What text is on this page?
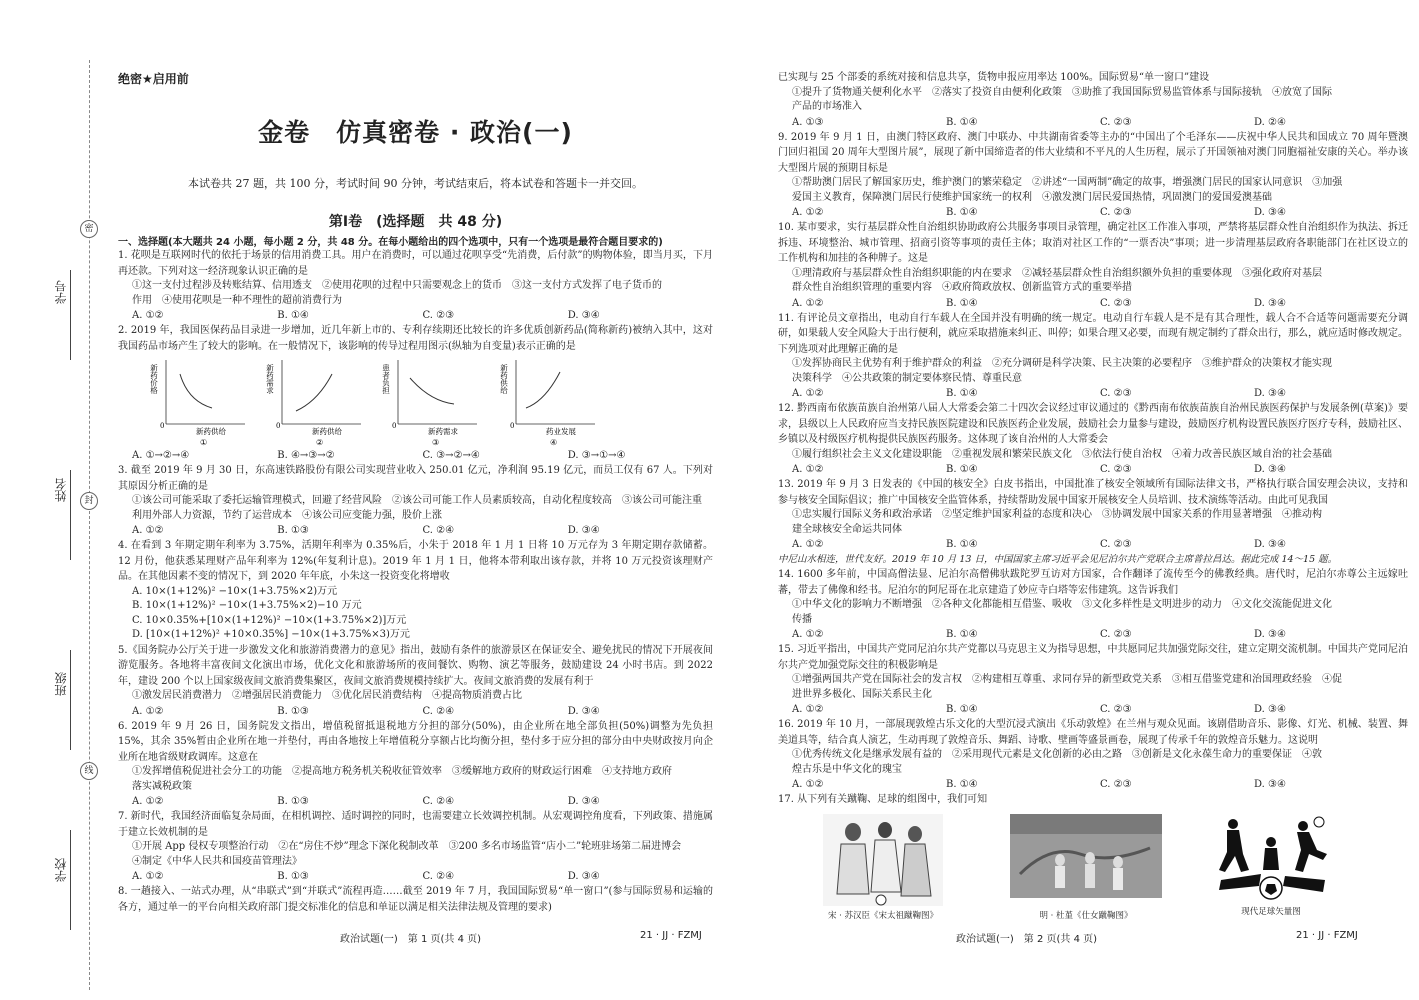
密
封
线
学号
姓名
班级
学校
绝密★启用前
金卷　仿真密卷 · 政治(一)
本试卷共 27 题，共 100 分，考试时间 90 分钟，考试结束后，将本试卷和答题卡一并交回。
第Ⅰ卷　(选择题　共 48 分)
一、选择题(本大题共 24 小题，每小题 2 分，共 48 分。在每小题给出的四个选项中，只有一个选项是最符合题目要求的)
1. 花呗是互联网时代的依托于场景的信用消费工具。用户在消费时，可以通过花呗享受“先消费，后付款”的购物体验，即当月买，下月再还款。下列对这一经济现象认识正确的是
①这一支付过程涉及转账结算、信用透支　②使用花呗的过程中只需要观念上的货币　③这一支付方式发挥了电子货币的
作用　④使用花呗是一种不理性的超前消费行为
A. ①②	B. ①④	C. ②③	D. ③④
2. 2019 年，我国医保药品目录进一步增加，近几年新上市的、专利存续期还比较长的许多优质创新药品(简称新药)被纳入其中，这对我国药品市场产生了较大的影响。在一般情况下，该影响的传导过程用图示(纵轴为自变量)表示正确的是
新药价格
0
新药供给
①
新药需求
0
新药供给
②
患者负担
0
新药需求
③
新药供给
0
药业发展
④
A. ①→②→④	B. ④→③→②	C. ③→②→④	D. ③→①→④
3. 截至 2019 年 9 月 30 日，东高速铁路股份有限公司实现营业收入 250.01 亿元，净利润 95.19 亿元，而员工仅有 67 人。下列对其原因分析正确的是
①该公司可能采取了委托运输管理模式，回避了经营风险　②该公司可能工作人员素质较高，自动化程度较高　③该公司可能注重
利用外部人力资源，节约了运营成本　④该公司应变能力强，股价上涨
A. ①②	B. ①③	C. ②④	D. ③④
4. 在看到 3 年期定期年利率为 3.75%，活期年利率为 0.35%后，小朱于 2018 年 1 月 1 日将 10 万元存为 3 年期定期存款储蓄。12 月份，他获悉某理财产品年利率为 12%(年复利计息)。2019 年 1 月 1 日，他将本带利取出该存款，并将 10 万元投资该理财产品。在其他因素不变的情况下，到 2020 年年底，小朱这一投资变化将增收
A. 10×(1+12%)² −10×(1+3.75%×2)万元
B. 10×(1+12%)² −10×(1+3.75%×2)−10 万元
C. 10×0.35%+[10×(1+12%)² −10×(1+3.75%×2)]万元
D. [10×(1+12%)² +10×0.35%] −10×(1+3.75%×3)万元
5.《国务院办公厅关于进一步激发文化和旅游消费潜力的意见》指出，鼓励有条件的旅游景区在保证安全、避免扰民的情况下开展夜间游览服务。各地将丰富夜间文化演出市场，优化文化和旅游场所的夜间餐饮、购物、演艺等服务，鼓励建设 24 小时书店。到 2022 年，建设 200 个以上国家级夜间文旅消费集聚区，夜间文旅消费规模持续扩大。夜间文旅消费的发展有利于
①激发居民消费潜力　②增强居民消费能力　③优化居民消费结构　④提高物质消费占比
A. ①②	B. ①③	C. ②④	D. ③④
6. 2019 年 9 月 26 日，国务院发文指出，增值税留抵退税地方分担的部分(50%)，由企业所在地全部负担(50%)调整为先负担 15%，其余 35%暂由企业所在地一并垫付，再由各地按上年增值税分享额占比均衡分担，垫付多于应分担的部分由中央财政按月向企业所在地省级财政调库。这意在
①发挥增值税促进社会分工的功能　②提高地方税务机关税收征管效率　③缓解地方政府的财政运行困难　④支持地方政府
落实减税政策
A. ①②	B. ①③	C. ②④	D. ③④
7. 新时代，我国经济面临复杂局面，在相机调控、适时调控的同时，也需要建立长效调控机制。从宏观调控角度看，下列政策、措施属于建立长效机制的是
①开展 App 侵权专项整治行动　②在“房住不炒”理念下深化税制改革　③200 多名市场监管“店小二”轮班驻场第二届进博会
④制定《中华人民共和国疫苗管理法》
A. ①②	B. ①③	C. ②④	D. ③④
8. 一趟接入、一站式办理，从“串联式”到“并联式”流程再造……截至 2019 年 7 月，我国国际贸易“单一窗口”(参与国际贸易和运输的各方，通过单一的平台向相关政府部门提交标准化的信息和单证以满足相关法律法规及管理的要求)
政治试题(一)　第 1 页(共 4 页)	21 · JJ · FZMJ
已实现与 25 个部委的系统对接和信息共享，货物申报应用率达 100%。国际贸易“单一窗口”建设
①提升了货物通关便利化水平　②落实了投资自由便利化政策　③助推了我国国际贸易监管体系与国际接轨　④放宽了国际
产品的市场准入
A. ①③	B. ①④	C. ②③	D. ②④
9. 2019 年 9 月 1 日，由澳门特区政府、澳门中联办、中共湖南省委等主办的“中国出了个毛泽东——庆祝中华人民共和国成立 70 周年暨澳门回归祖国 20 周年大型图片展”，展现了新中国缔造者的伟大业绩和不平凡的人生历程，展示了开国领袖对澳门同胞福祉安康的关心。举办该大型图片展的预期目标是
①帮助澳门居民了解国家历史，维护澳门的繁荣稳定　②讲述“一国两制”确定的故事，增强澳门居民的国家认同意识　③加强
爱国主义教育，保障澳门居民行使维护国家统一的权利　④激发澳门居民爱国热情，巩固澳门的爱国爱澳基础
A. ①②	B. ①④	C. ②③	D. ③④
10. 某市要求，实行基层群众性自治组织协助政府公共服务事项目录管理，确定社区工作准入事项，严禁将基层群众性自治组织作为执法、拆迁拆违、环境整治、城市管理、招商引资等事项的责任主体；取消对社区工作的“一票否决”事项；进一步清理基层政府各职能部门在社区设立的工作机构和加挂的各种牌子。这是
①理清政府与基层群众性自治组织职能的内在要求　②减轻基层群众性自治组织额外负担的重要体现　③强化政府对基层
群众性自治组织管理的重要内容　④政府简政放权、创新监管方式的重要举措
A. ①②	B. ①④	C. ②③	D. ③④
11. 有评论员文章指出，电动自行车载人在全国并没有明确的统一规定。电动自行车载人是不是有其合理性，载人合不合适等问题需要充分调研，如果载人安全风险大于出行便利，就应采取措施来纠正、叫停；如果合理又必要，而现有规定制约了群众出行，那么，就应适时修改规定。下列选项对此理解正确的是
①发挥协商民主优势有利于维护群众的利益　②充分调研是科学决策、民主决策的必要程序　③维护群众的决策权才能实现
决策科学　④公共政策的制定要体察民情、尊重民意
A. ①②	B. ①④	C. ②③	D. ③④
12. 黔西南布依族苗族自治州第八届人大常委会第二十四次会议经过审议通过的《黔西南布依族苗族自治州民族医药保护与发展条例(草案)》要求，县级以上人民政府应当支持民族医院建设和民族医药企业发展，鼓励社会力量参与建设，鼓励医疗机构设置民族医疗医疗专科，鼓励社区、乡镇以及村级医疗机构提供民族医药服务。这体现了该自治州的人大常委会
①履行组织社会主义文化建设职能　②重视发展和繁荣民族文化　③依法行使自治权　④着力改善民族区域自治的社会基础
A. ①②	B. ①④	C. ②③	D. ③④
13. 2019 年 9 月 3 日发表的《中国的核安全》白皮书指出，中国批准了核安全领域所有国际法律文书，严格执行联合国安理会决议，支持和参与核安全国际倡议；推广中国核安全监管体系，持续帮助发展中国家开展核安全人员培训、技术演练等活动。由此可见我国
①忠实履行国际义务和政治承诺　②坚定维护国家利益的态度和决心　③协调发展中国家关系的作用显著增强　④推动构
建全球核安全命运共同体
A. ①②	B. ①④	C. ②③	D. ③④
中尼山水相连，世代友好。2019 年 10 月 13 日，中国国家主席习近平会见尼泊尔共产党联合主席普拉昌达。据此完成 14～15 题。
14. 1600 多年前，中国高僧法显、尼泊尔高僧佛驮跋陀罗互访对方国家，合作翻译了流传至今的佛教经典。唐代时，尼泊尔赤尊公主远嫁吐蕃，带去了佛像和经书。尼泊尔的阿尼哥在北京建造了妙应寺白塔等宏伟建筑。这告诉我们
①中华文化的影响力不断增强　②各种文化都能相互借鉴、吸收　③文化多样性是文明进步的动力　④文化交流能促进文化
传播
A. ①②	B. ①④	C. ②③	D. ③④
15. 习近平指出，中国共产党同尼泊尔共产党都以马克思主义为指导思想，中共愿同尼共加强党际交往，建立定期交流机制。中国共产党同尼泊尔共产党加强党际交往的积极影响是
①增强两国共产党在国际社会的发言权　②构建相互尊重、求同存异的新型政党关系　③相互借鉴党建和治国理政经验　④促
进世界多极化、国际关系民主化
A. ①②	B. ①④	C. ②③	D. ③④
16. 2019 年 10 月，一部展现敦煌古乐文化的大型沉浸式演出《乐动敦煌》在兰州与观众见面。该剧借助音乐、影像、灯光、机械、装置、舞美道具等，结合真人演艺，生动再现了敦煌音乐、舞蹈、诗歌、壁画等盛景画卷，展现了传承千年的敦煌音乐魅力。这说明
①优秀传统文化是继承发展有益的　②采用现代元素是文化创新的必由之路　③创新是文化永葆生命力的重要保证　④敦
煌古乐是中华文化的瑰宝
A. ①②	B. ①④	C. ②③	D. ③④
17. 从下列有关蹴鞠、足球的组图中，我们可知
宋 · 苏汉臣《宋太祖蹴鞠图》	明 · 杜堇《仕女蹴鞠图》	现代足球矢量图
政治试题(一)　第 2 页(共 4 页)	21 · JJ · FZMJ
